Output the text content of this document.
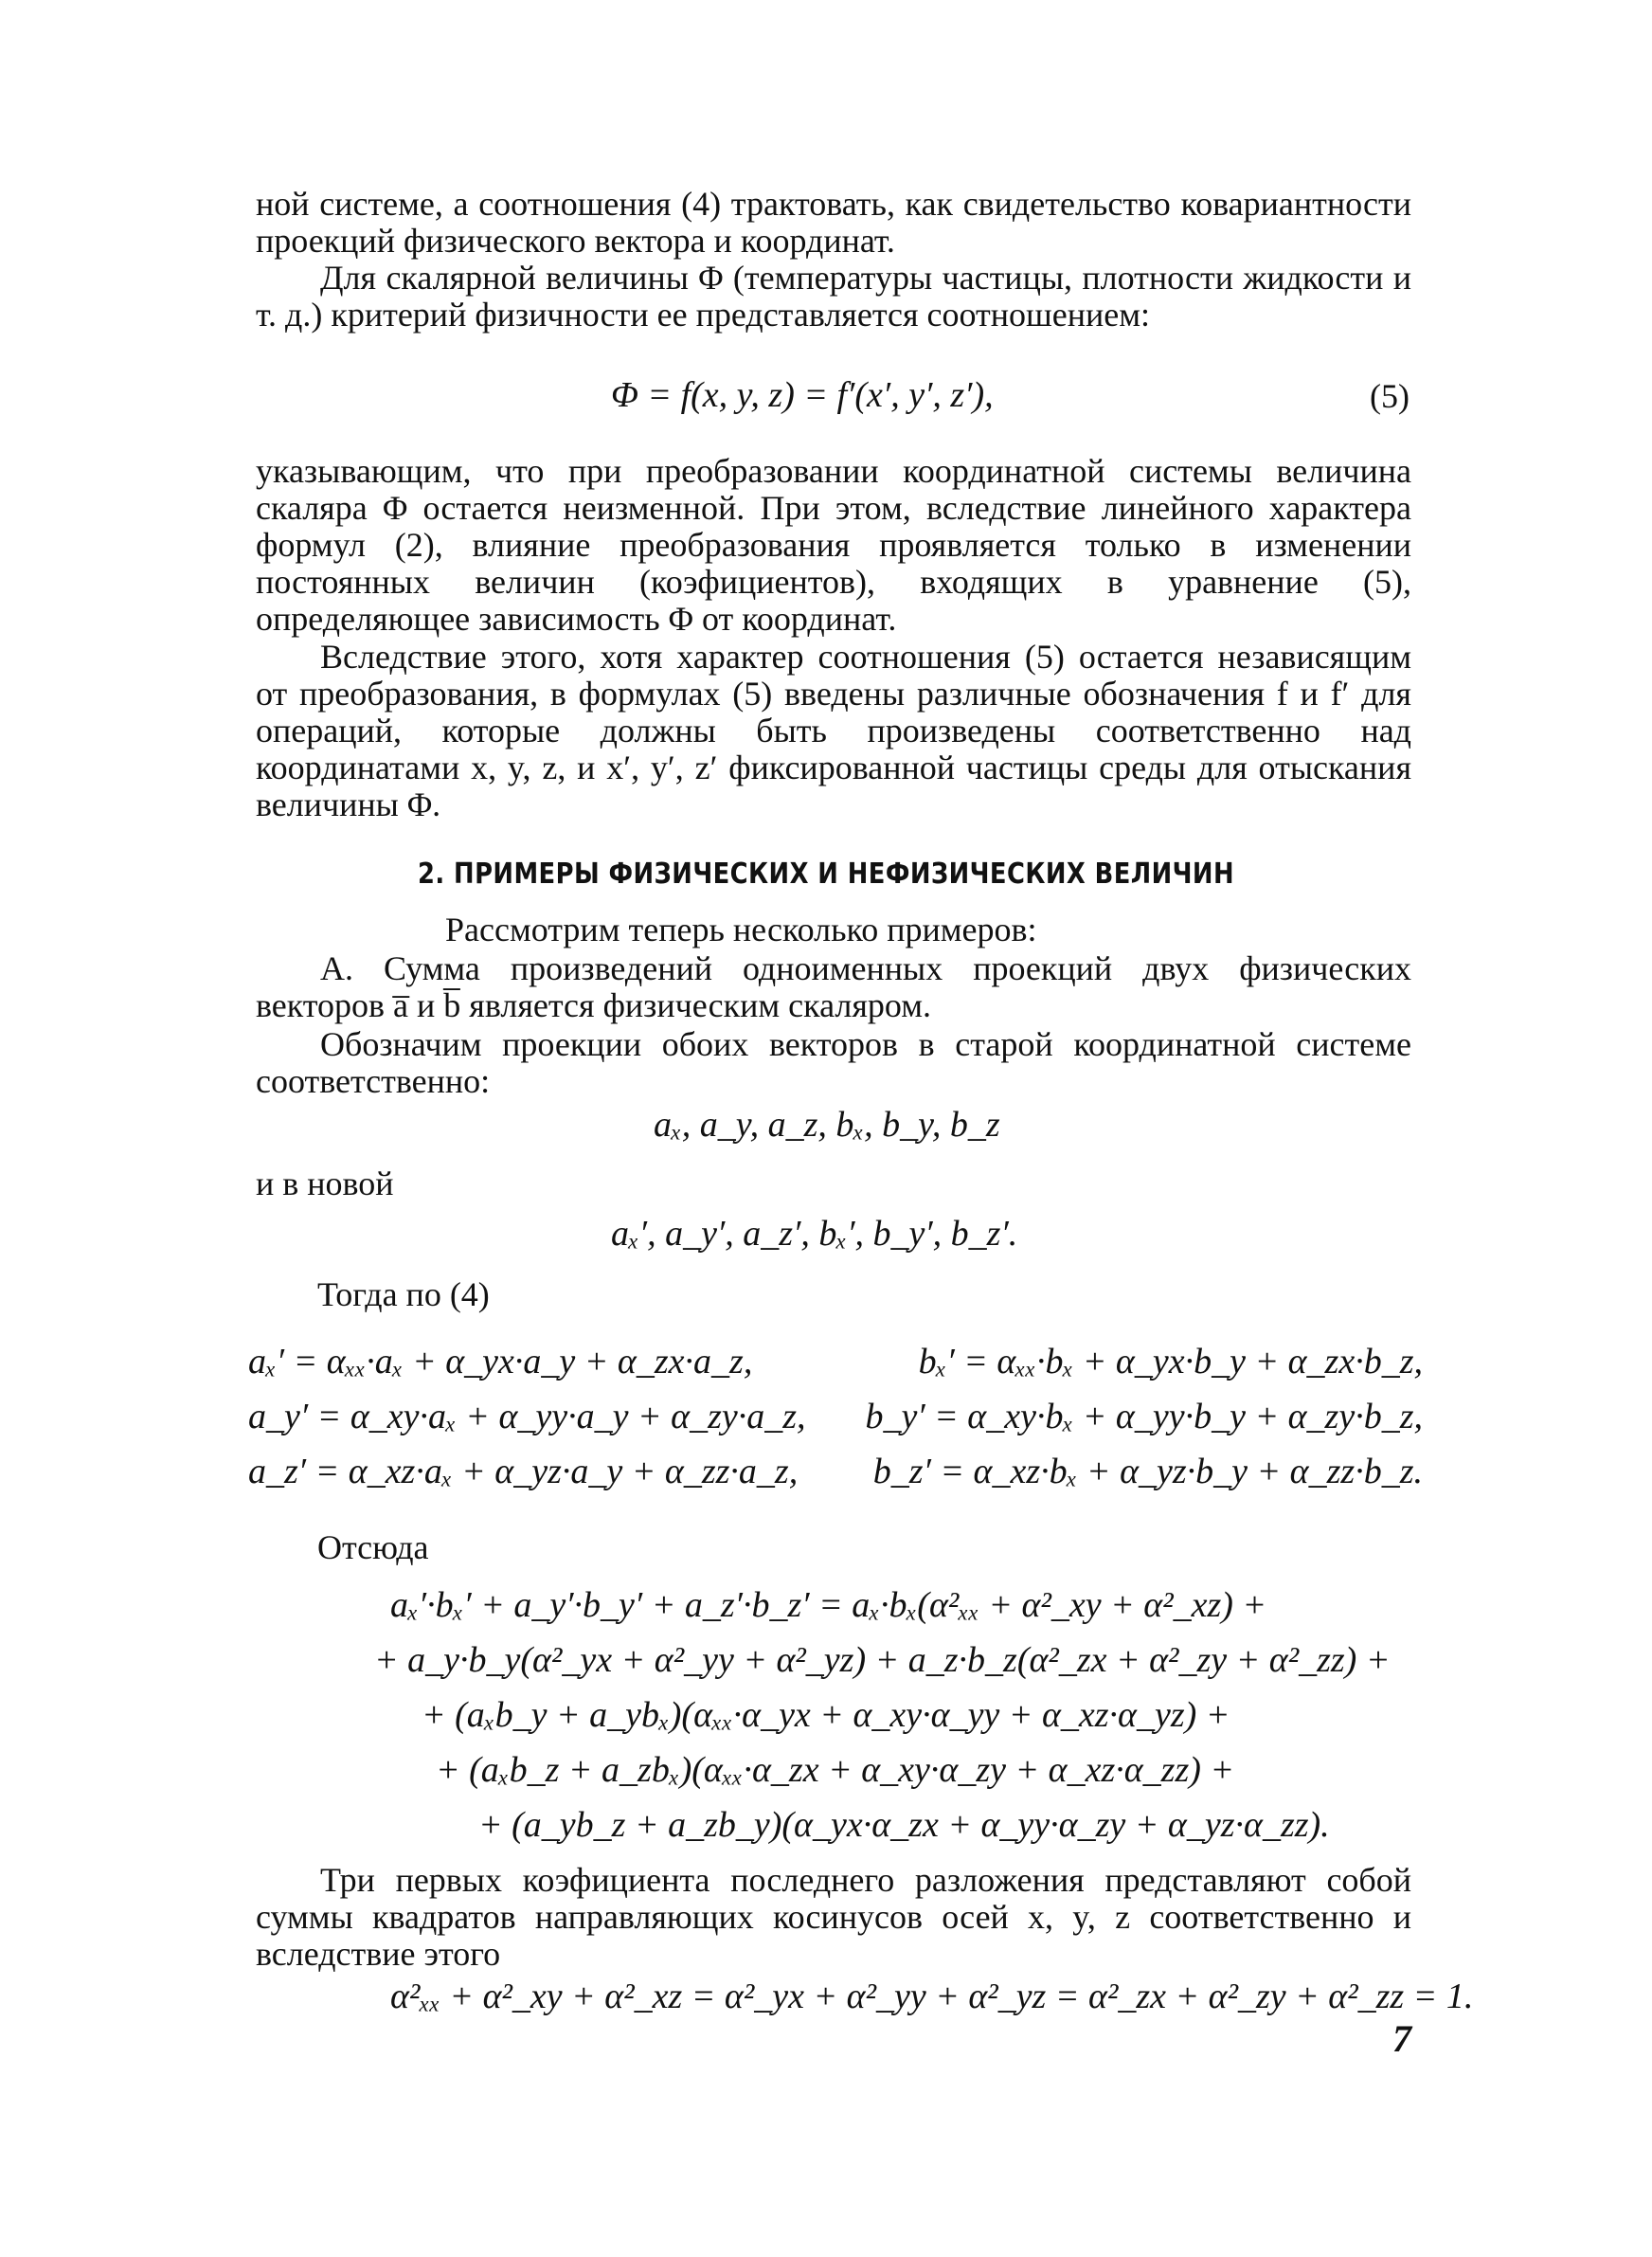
ной системе, а соотношения (4) трактовать, как свидетельство ковариантности проекций физического вектора и координат.

Для скалярной величины Φ (температуры частицы, плотности жидкости и т. д.) критерий физичности ее представляется соотношением:

Φ = f(x, y, z) = f′(x′, y′, z′),	(5)

указывающим, что при преобразовании координатной системы величина скаляра Φ остается неизменной. При этом, вследствие линейного характера формул (2), влияние преобразования проявляется только в изменении постоянных величин (коэфициентов), входящих в уравнение (5), определяющее зависимость Φ от координат.

Вследствие этого, хотя характер соотношения (5) остается независящим от преобразования, в формулах (5) введены различные обозначения f и f′ для операций, которые должны быть произведены соответственно над координатами x, y, z, и x′, y′, z′ фиксированной частицы среды для отыскания величины Φ.

2. ПРИМЕРЫ ФИЗИЧЕСКИХ И НЕФИЗИЧЕСКИХ ВЕЛИЧИН

Рассмотрим теперь несколько примеров:

А. Сумма произведений одноименных проекций двух физических векторов a̅ и b̅ является физическим скаляром.

Обозначим проекции обоих векторов в старой координатной системе соответственно:

aₓ, a_y, a_z, bₓ, b_y, b_z
и в новой
aₓ′, a_y′, a_z′, bₓ′, b_y′, b_z′.
Тогда по (4)
aₓ′ = αₓₓ·aₓ + α_yx·a_y + α_zx·a_z,	bₓ′ = αₓₓ·bₓ + α_yx·b_y + α_zx·b_z,
a_y′ = α_xy·aₓ + α_yy·a_y + α_zy·a_z, b_y′ = α_xy·bₓ + α_yy·b_y + α_zy·b_z,
a_z′ = α_xz·aₓ + α_yz·a_y + α_zz·a_z, b_z′ = α_xz·bₓ + α_yz·b_y + α_zz·b_z.
Отсюда
aₓ′·bₓ′ + a_y′·b_y′ + a_z′·b_z′ = aₓ·bₓ(α²ₓₓ + α²_xy + α²_xz) +
+ a_y·b_y(α²_yx + α²_yy + α²_yz) + a_z·b_z(α²_zx + α²_zy + α²_zz) +
+ (aₓb_y + a_ybₓ)(αₓₓ·α_yx + α_xy·α_yy + α_xz·α_yz) +
+ (aₓb_z + a_zbₓ)(αₓₓ·α_zx + α_xy·α_zy + α_xz·α_zz) +
+ (a_yb_z + a_zb_y)(α_yx·α_zx + α_yy·α_zy + α_yz·α_zz).

Три первых коэфициента последнего разложения представляют собой суммы квадратов направляющих косинусов осей x, y, z соответственно и вследствие этого

α²ₓₓ + α²_xy + α²_xz = α²_yx + α²_yy + α²_yz = α²_zx + α²_zy + α²_zz = 1.
7
